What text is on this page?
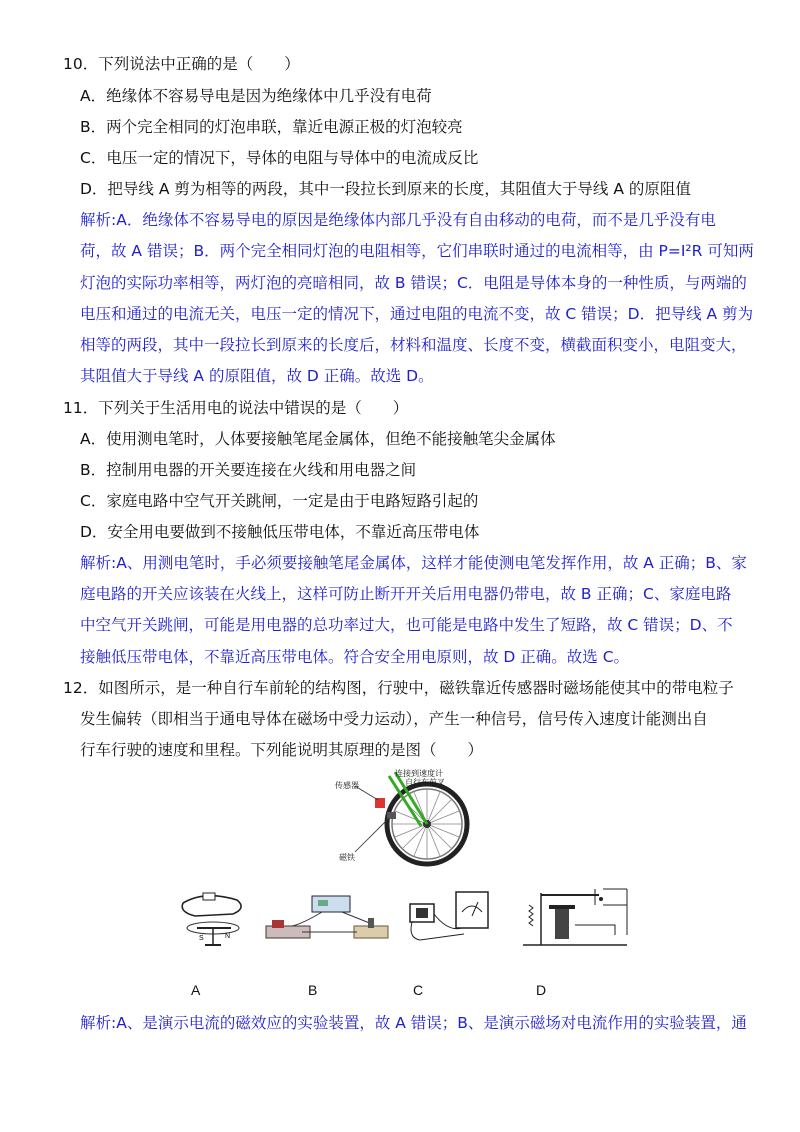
10．下列说法中正确的是（　　）
A．绝缘体不容易导电是因为绝缘体中几乎没有电荷
B．两个完全相同的灯泡串联，靠近电源正极的灯泡较亮
C．电压一定的情况下，导体的电阻与导体中的电流成反比
D．把导线 A 剪为相等的两段，其中一段拉长到原来的长度，其阻值大于导线 A 的原阻值
解析:A．绝缘体不容易导电的原因是绝缘体内部几乎没有自由移动的电荷，而不是几乎没有电
荷，故 A 错误；B．两个完全相同灯泡的电阻相等，它们串联时通过的电流相等，由 P=I²R 可知两
灯泡的实际功率相等，两灯泡的亮暗相同，故 B 错误；C．电阻是导体本身的一种性质，与两端的
电压和通过的电流无关，电压一定的情况下，通过电阻的电流不变，故 C 错误；D．把导线 A 剪为
相等的两段，其中一段拉长到原来的长度后，材料和温度、长度不变，横截面积变小，电阻变大，
其阻值大于导线 A 的原阻值，故 D 正确。故选 D。
11．下列关于生活用电的说法中错误的是（　　）
A．使用测电笔时，人体要接触笔尾金属体，但绝不能接触笔尖金属体
B．控制用电器的开关要连接在火线和用电器之间
C．家庭电路中空气开关跳闸，一定是由于电路短路引起的
D．安全用电要做到不接触低压带电体，不靠近高压带电体
解析:A、用测电笔时，手必须要接触笔尾金属体，这样才能使测电笔发挥作用，故 A 正确；B、家
庭电路的开关应该装在火线上，这样可防止断开开关后用电器仍带电，故 B 正确；C、家庭电路
中空气开关跳闸，可能是用电器的总功率过大，也可能是电路中发生了短路，故 C 错误；D、不
接触低压带电体，不靠近高压带电体。符合安全用电原则，故 D 正确。故选 C。
12．如图所示，是一种自行车前轮的结构图，行驶中，磁铁靠近传感器时磁场能使其中的带电粒子
发生偏转（即相当于通电导体在磁场中受力运动），产生一种信号，信号传入速度计能测出自
行车行驶的速度和里程。下列能说明其原理的是图（　　）
传感器
连接到速度计
自行车前叉
磁铁
S	N
A	B	C	D
解析:A、是演示电流的磁效应的实验装置，故 A 错误；B、是演示磁场对电流作用的实验装置，通
